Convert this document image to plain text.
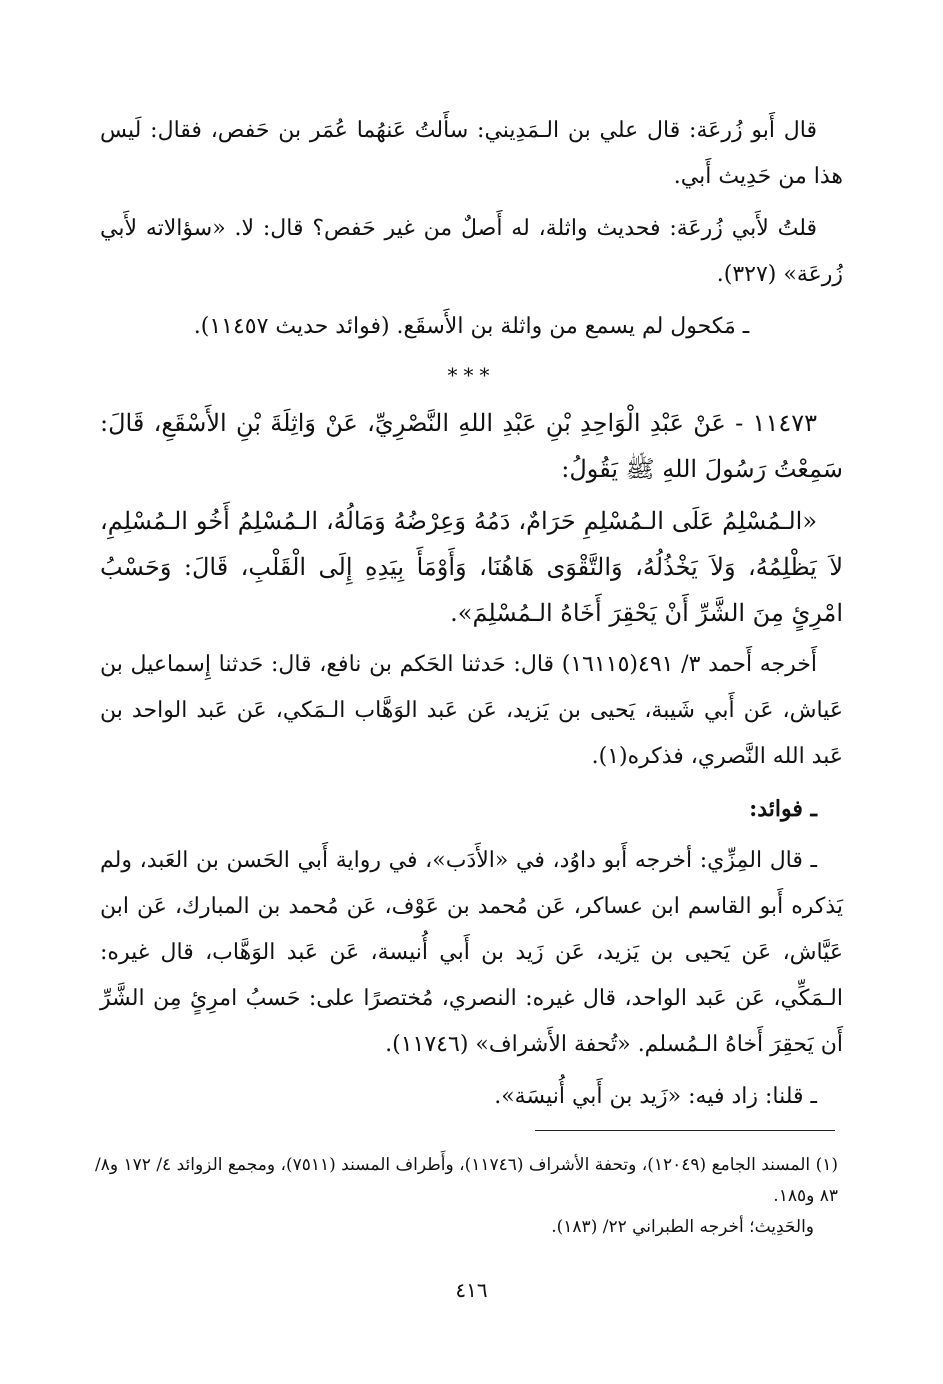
قال أَبو زُرعَة: قال علي بن الـمَدِيني: سأَلتُ عَنهُما عُمَر بن حَفص، فقال: لَيس هذا من حَدِيث أَبي.

قلتُ لأَبي زُرعَة: فحديث واثلة، له أَصلٌ من غير حَفص؟ قال: لا. «سؤالاته لأَبي زُرعَة» (٣٢٧).

ـ مَكحول لم يسمع من واثلة بن الأَسقَع. (فوائد حديث ١١٤٥٧).

***

١١٤٧٣ - عَنْ عَبْدِ الْوَاحِدِ بْنِ عَبْدِ اللهِ النَّصْرِيِّ، عَنْ وَاثِلَةَ بْنِ الأَسْقَعِ، قَالَ: سَمِعْتُ رَسُولَ اللهِ ﷺ يَقُولُ:

«الـمُسْلِمُ عَلَى الـمُسْلِمِ حَرَامٌ، دَمُهُ وَعِرْضُهُ وَمَالُهُ، الـمُسْلِمُ أَخُو الـمُسْلِمِ، لاَ يَظْلِمُهُ، وَلاَ يَخْذُلُهُ، وَالتَّقْوَى هَاهُنَا، وَأَوْمَأَ بِيَدِهِ إِلَى الْقَلْبِ، قَالَ: وَحَسْبُ امْرِئٍ مِنَ الشَّرِّ أَنْ يَحْقِرَ أَخَاهُ الـمُسْلِمَ».

أَخرجه أَحمد ٣/ ٤٩١(١٦١١٥) قال: حَدثنا الحَكم بن نافع، قال: حَدثنا إِسماعيل بن عَياش، عَن أَبي شَيبة، يَحيى بن يَزيد، عَن عَبد الوَهَّاب الـمَكي، عَن عَبد الواحد بن عَبد الله النَّصري، فذكره(١).

ـ فوائد:

ـ قال المِزِّي: أخرجه أَبو داوُد، في «الأَدَب»، في رواية أَبي الحَسن بن العَبد، ولم يَذكره أَبو القاسم ابن عساكر، عَن مُحمد بن عَوْف، عَن مُحمد بن المبارك، عَن ابن عَيَّاش، عَن يَحيى بن يَزيد، عَن زَيد بن أَبي أُنيسة، عَن عَبد الوَهَّاب، قال غيره: الـمَكِّي، عَن عَبد الواحد، قال غيره: النصري، مُختصرًا على: حَسبُ امرِئٍ مِن الشَّرِّ أَن يَحقِرَ أَخاهُ الـمُسلم. «تُحفة الأَشراف» (١١٧٤٦).

ـ قلنا: زاد فيه: «زَيد بن أَبي أُنيسَة».

(١) المسند الجامع (١٢٠٤٩)، وتحفة الأشراف (١١٧٤٦)، وأَطراف المسند (٧٥١١)، ومجمع الزوائد ٤/ ١٧٢ و٨/ ٨٣ و١٨٥.

والحَدِيث؛ أخرجه الطبراني ٢٢/ (١٨٣).

٤١٦
